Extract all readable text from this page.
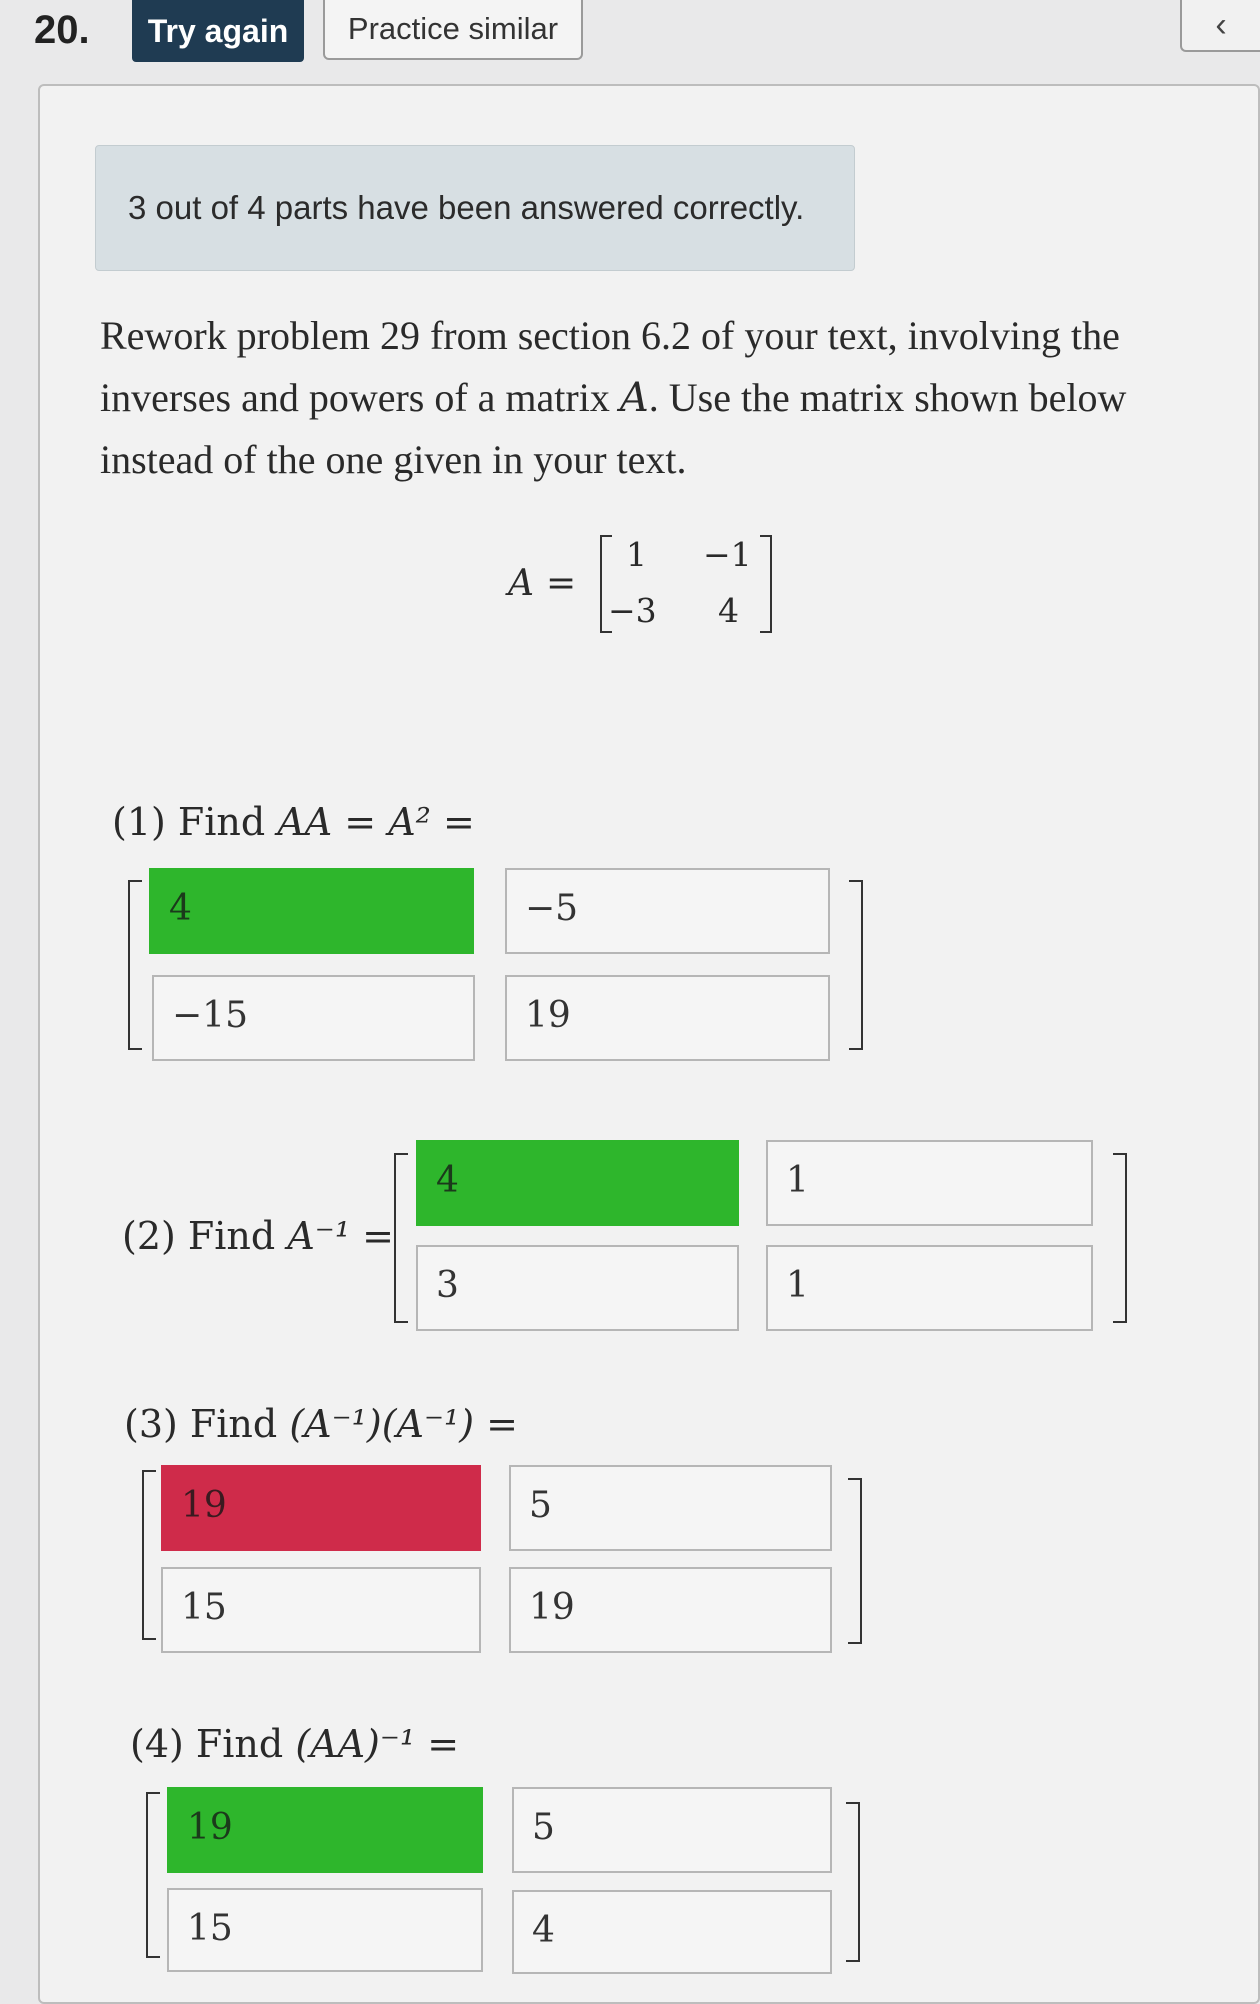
20.	Try again	Practice similar	‹
3 out of 4 parts have been answered correctly.
Rework problem 29 from section 6.2 of your text, involving the inverses and powers of a matrix A. Use the matrix shown below instead of the one given in your text.
A =
1 −1
−3 4
(1) Find AA = A² =
4	−5
−15	19
(2) Find A⁻¹ =
4	1
3	1
(3) Find (A⁻¹)(A⁻¹) =
19	5
15	19
(4) Find (AA)⁻¹ =
19	5
15	4
